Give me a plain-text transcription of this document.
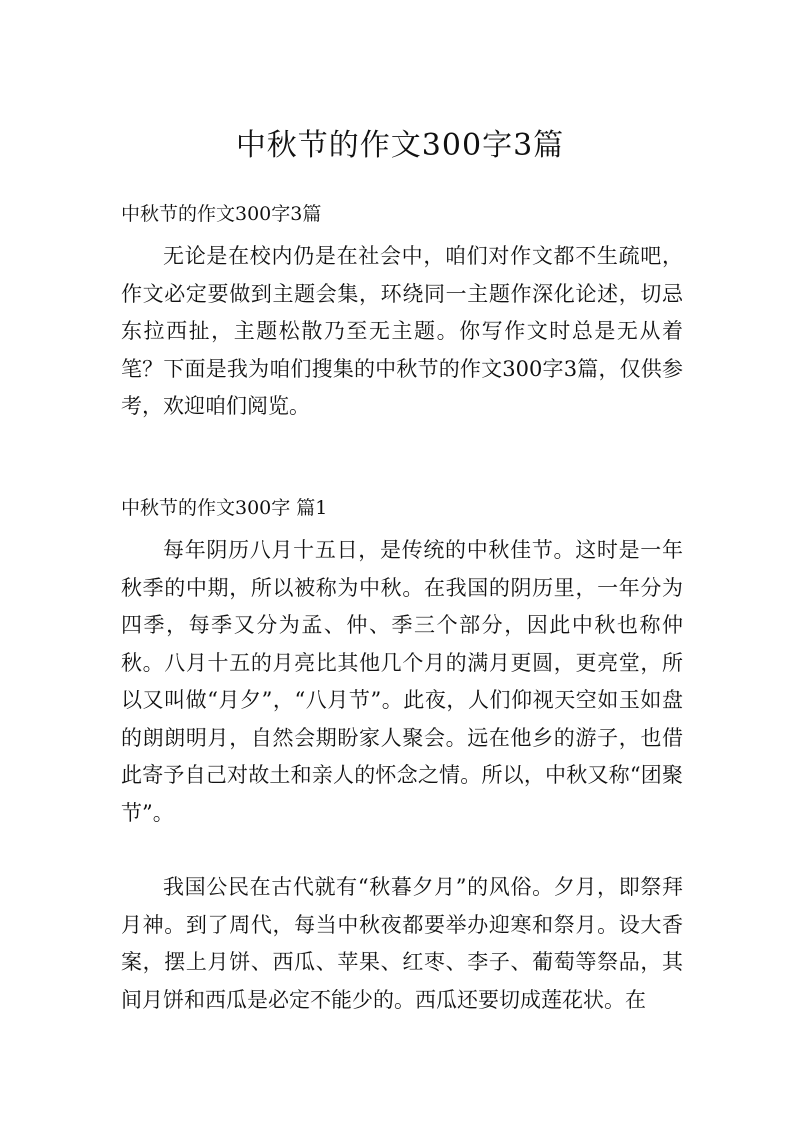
中秋节的作文300字3篇
中秋节的作文300字3篇

无论是在校内仍是在社会中，咱们对作文都不生疏吧，作文必定要做到主题会集，环绕同一主题作深化论述，切忌东拉西扯，主题松散乃至无主题。你写作文时总是无从着笔？下面是我为咱们搜集的中秋节的作文300字3篇，仅供参考，欢迎咱们阅览。

中秋节的作文300字 篇1

每年阴历八月十五日，是传统的中秋佳节。这时是一年秋季的中期，所以被称为中秋。在我国的阴历里，一年分为四季，每季又分为孟、仲、季三个部分，因此中秋也称仲秋。八月十五的月亮比其他几个月的满月更圆，更亮堂，所以又叫做“月夕”，“八月节”。此夜，人们仰视天空如玉如盘的朗朗明月，自然会期盼家人聚会。远在他乡的游子，也借此寄予自己对故土和亲人的怀念之情。所以，中秋又称“团聚节”。

我国公民在古代就有“秋暮夕月”的风俗。夕月，即祭拜月神。到了周代，每当中秋夜都要举办迎寒和祭月。设大香案，摆上月饼、西瓜、苹果、红枣、李子、葡萄等祭品，其间月饼和西瓜是必定不能少的。西瓜还要切成莲花状。在
